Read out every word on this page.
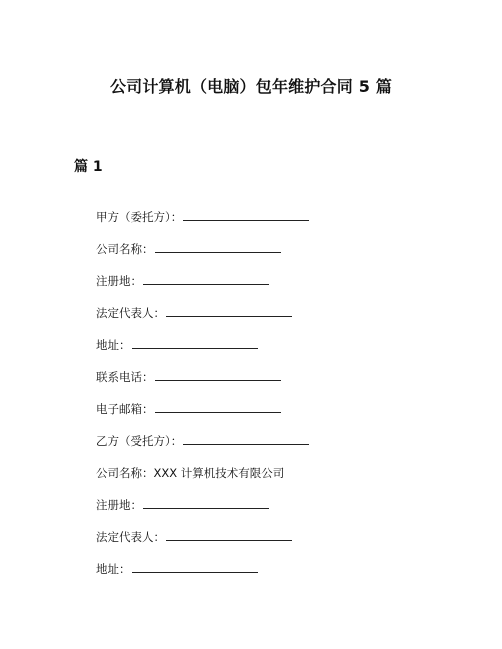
公司计算机（电脑）包年维护合同 5 篇
篇 1
甲方（委托方）：
公司名称：
注册地：
法定代表人：
地址：
联系电话：
电子邮箱：
乙方（受托方）：
公司名称：XXX 计算机技术有限公司
注册地：
法定代表人：
地址：
